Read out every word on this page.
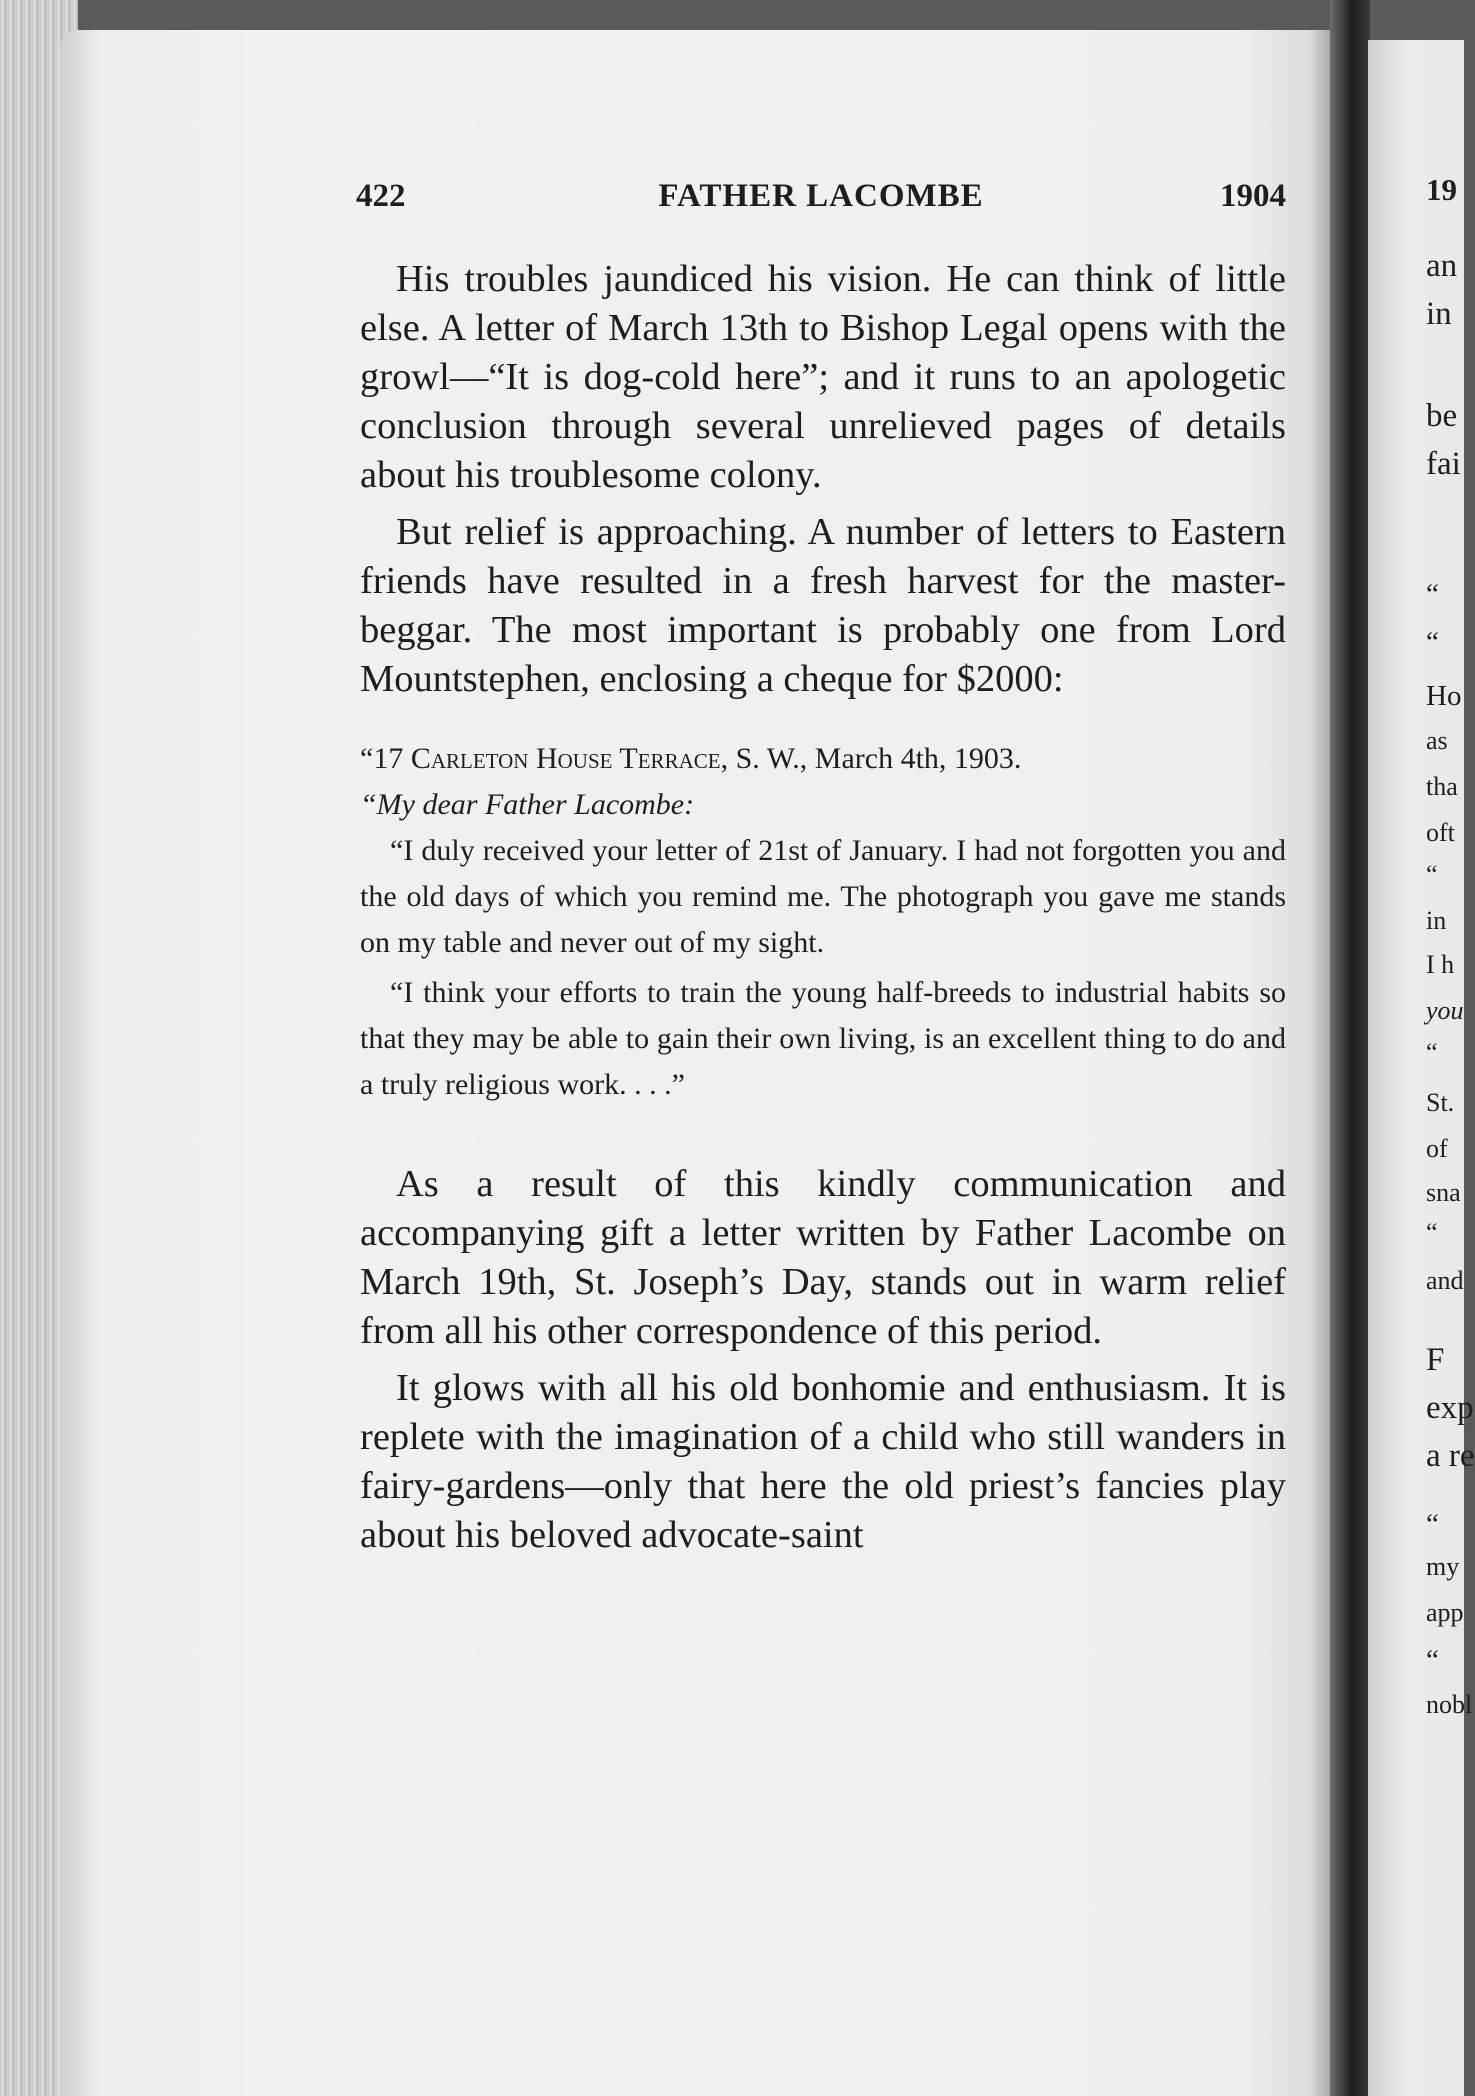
19
an
in
be
fai
“
“
Ho
as
tha
oft
“
in
I h
you
“
St.
of
sna
“
and
F
exp
a re
“
my
app
“
nobl
422	FATHER LACOMBE	1904

His troubles jaundiced his vision. He can think of little else. A letter of March 13th to Bishop Legal opens with the growl—“It is dog-cold here”; and it runs to an apologetic conclusion through several unrelieved pages of details about his troublesome colony.

But relief is approaching. A number of letters to Eastern friends have resulted in a fresh harvest for the master-beggar. The most important is probably one from Lord Mountstephen, enclosing a cheque for $2000:

“17 Carleton House Terrace, S. W., March 4th, 1903.

“My dear Father Lacombe:

“I duly received your letter of 21st of January. I had not forgotten you and the old days of which you remind me. The photograph you gave me stands on my table and never out of my sight.

“I think your efforts to train the young half-breeds to industrial habits so that they may be able to gain their own living, is an excellent thing to do and a truly religious work. . . .”

As a result of this kindly communication and accompanying gift a letter written by Father Lacombe on March 19th, St. Joseph’s Day, stands out in warm relief from all his other correspondence of this period.

It glows with all his old bonhomie and enthusiasm. It is replete with the imagination of a child who still wanders in fairy-gardens—only that here the old priest’s fancies play about his beloved advocate-saint
